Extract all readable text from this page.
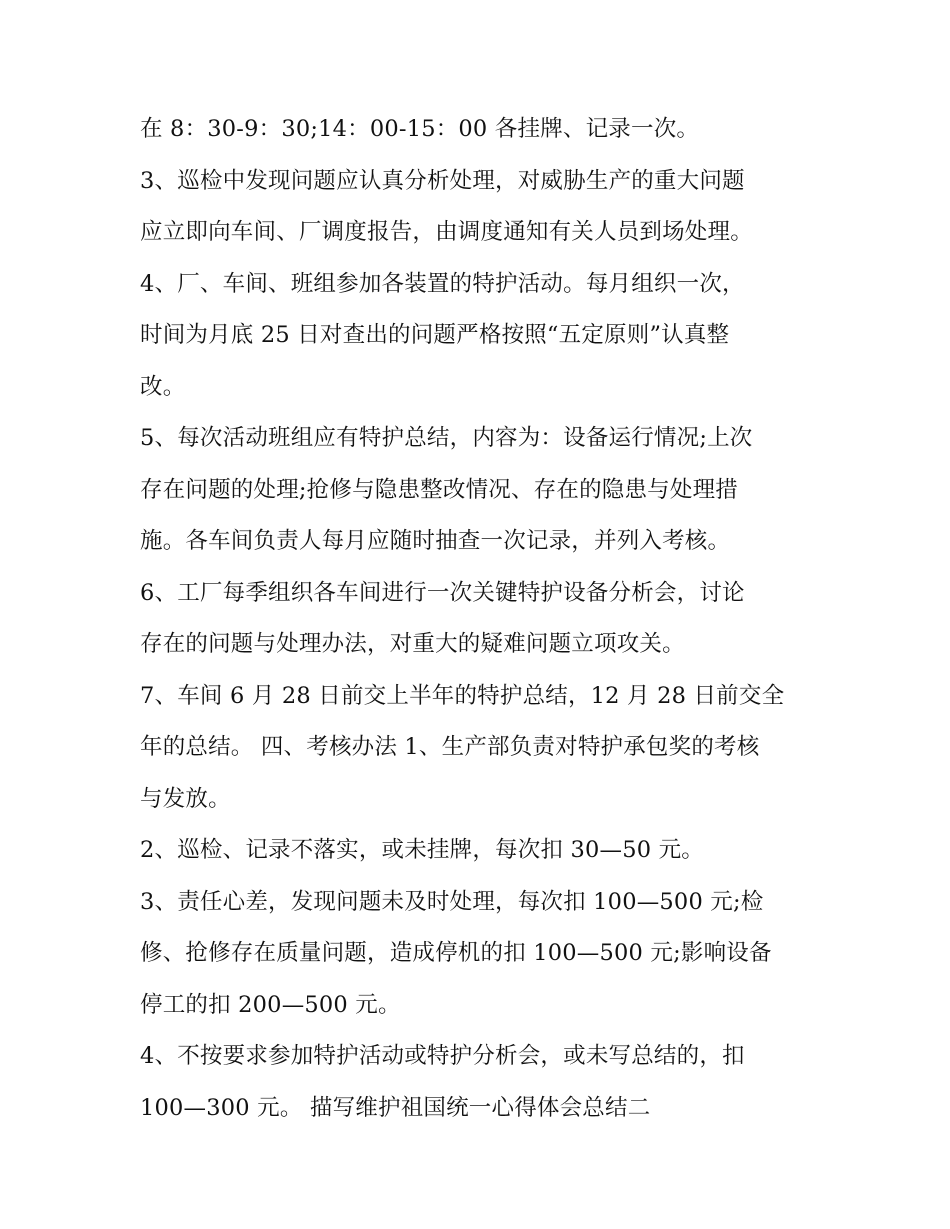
在 8：30-9：30;14：00-15：00 各挂牌、记录一次。
3、巡检中发现问题应认真分析处理，对威胁生产的重大问题
应立即向车间、厂调度报告，由调度通知有关人员到场处理。
4、厂、车间、班组参加各装置的特护活动。每月组织一次，
时间为月底 25 日对查出的问题严格按照“五定原则”认真整
改。
5、每次活动班组应有特护总结，内容为：设备运行情况;上次
存在问题的处理;抢修与隐患整改情况、存在的隐患与处理措
施。各车间负责人每月应随时抽查一次记录，并列入考核。
6、工厂每季组织各车间进行一次关键特护设备分析会，讨论
存在的问题与处理办法，对重大的疑难问题立项攻关。
7、车间 6 月 28 日前交上半年的特护总结，12 月 28 日前交全
年的总结。 四、考核办法 1、生产部负责对特护承包奖的考核
与发放。
2、巡检、记录不落实，或未挂牌，每次扣 30—50 元。
3、责任心差，发现问题未及时处理，每次扣 100—500 元;检
修、抢修存在质量问题，造成停机的扣 100—500 元;影响设备
停工的扣 200—500 元。
4、不按要求参加特护活动或特护分析会，或未写总结的，扣
100—300 元。 描写维护祖国统一心得体会总结二
